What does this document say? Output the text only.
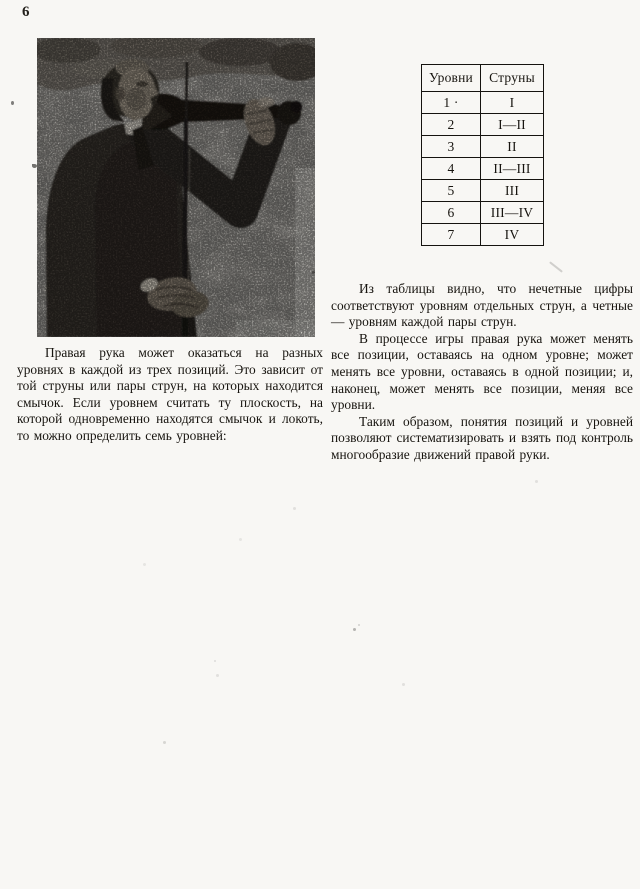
6
Уровни	Струны
1 ·	I
2	I—II
3	II
4	II—III
5	III
6	III—IV
7	IV

Правая рука может оказаться на разных уровнях в каждой из трех позиций. Это зависит от той струны или пары струн, на которых находится смычок. Если уровнем считать ту плоскость, на которой одновременно находятся смычок и локоть, то можно определить семь уровней:

Из таблицы видно, что нечетные цифры соответствуют уровням отдельных струн, а четные — уровням каждой пары струн.

В процессе игры правая рука может менять все позиции, оставаясь на одном уровне; может менять все уровни, оставаясь в одной позиции; и, наконец, может менять все позиции, меняя все уровни.

Таким образом, понятия позиций и уровней позволяют систематизировать и взять под контроль многообразие движений правой руки.
